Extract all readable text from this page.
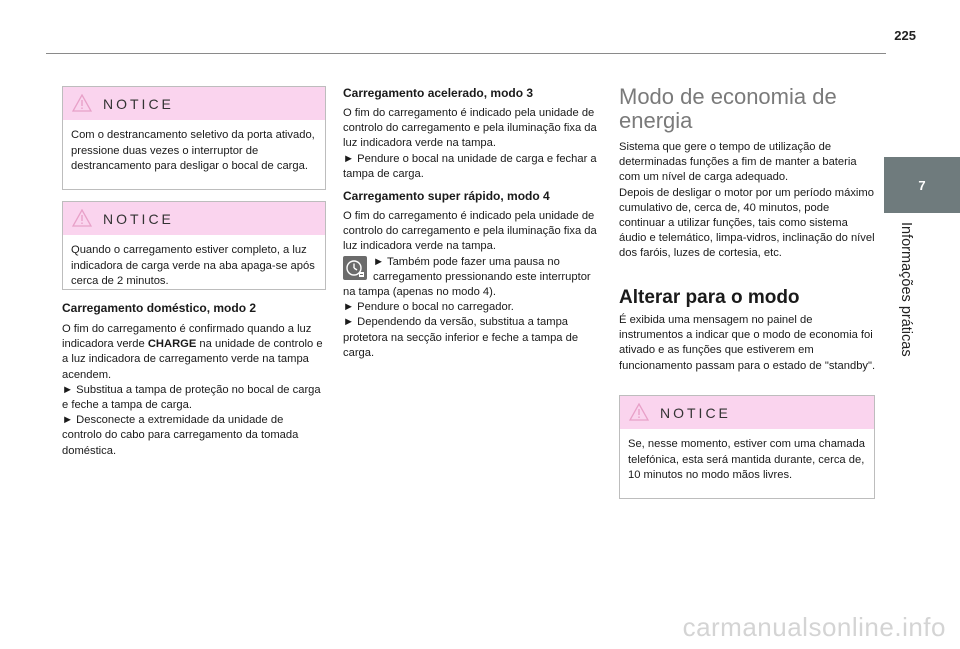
225
7
Informações práticas
NOTICE
Com o destrancamento seletivo da porta ativado, pressione duas vezes o interruptor de destrancamento para desligar o bocal de carga.
NOTICE
Quando o carregamento estiver completo, a luz indicadora de carga verde na aba apaga-se após cerca de 2 minutos.
Carregamento doméstico, modo 2
O fim do carregamento é confirmado quando a luz indicadora verde CHARGE na unidade de controlo e a luz indicadora de carregamento verde na tampa acendem.
► Substitua a tampa de proteção no bocal de carga e feche a tampa de carga.
► Desconecte a extremidade da unidade de controlo do cabo para carregamento da tomada doméstica.
Carregamento acelerado, modo 3
O fim do carregamento é indicado pela unidade de controlo do carregamento e pela iluminação fixa da luz indicadora verde na tampa.
► Pendure o bocal na unidade de carga e fechar a tampa de carga.
Carregamento super rápido, modo 4
O fim do carregamento é indicado pela unidade de controlo do carregamento e pela iluminação fixa da luz indicadora verde na tampa.

► Também pode fazer uma pausa no carregamento pressionando este interruptor na tampa (apenas no modo 4).
► Pendure o bocal no carregador.
► Dependendo da versão, substitua a tampa protetora na secção inferior e feche a tampa de carga.
Modo de economia de energia
Sistema que gere o tempo de utilização de determinadas funções a fim de manter a bateria com um nível de carga adequado.
Depois de desligar o motor por um período máximo cumulativo de, cerca de, 40 minutos, pode continuar a utilizar funções, tais como sistema áudio e telemático, limpa-vidros, inclinação do nível dos faróis, luzes de cortesia, etc.
Alterar para o modo
É exibida uma mensagem no painel de instrumentos a indicar que o modo de economia foi ativado e as funções que estiverem em funcionamento passam para o estado de "standby".
NOTICE
Se, nesse momento, estiver com uma chamada telefónica, esta será mantida durante, cerca de, 10 minutos no modo mãos livres.
carmanualsonline.info
